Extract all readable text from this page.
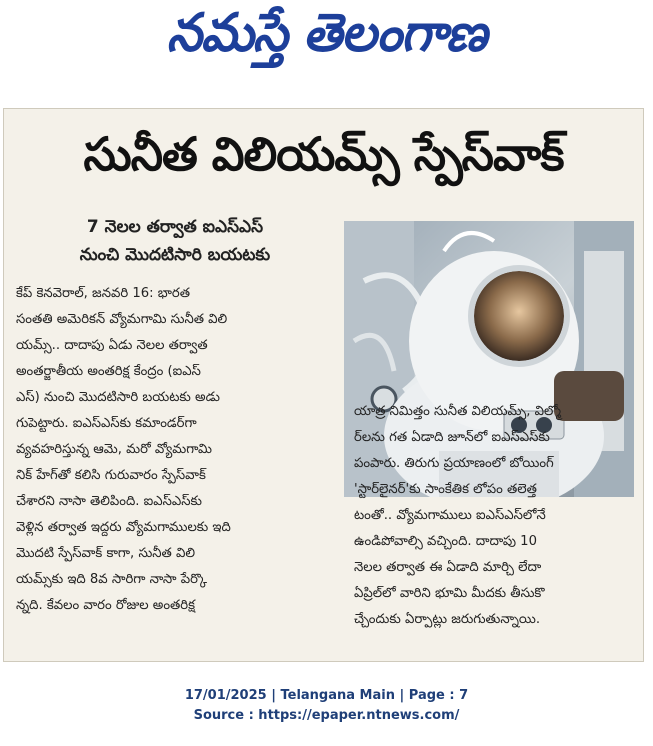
నమస్తే తెలంగాణ
సునీత విలియమ్స్ స్పేస్‌వాక్
7 నెలల తర్వాత ఐఎస్‌ఎస్
నుంచి మొదటిసారి బయటకు
కేప్ కెనవెరాల్, జనవరి 16: భారత
సంతతి అమెరికన్ వ్యోమగామి సునీత విలి
యమ్స్.. దాదాపు ఏడు నెలల తర్వాత
అంతర్జాతీయ అంతరిక్ష కేంద్రం (ఐఎస్
ఎస్) నుంచి మొదటిసారి బయటకు అడు
గుపెట్టారు. ఐఎస్‌ఎస్‌కు కమాండర్‌గా
వ్యవహరిస్తున్న ఆమె, మరో వ్యోమగామి
నిక్ హేగ్‌తో కలిసి గురువారం స్పేస్‌వాక్
చేశారని నాసా తెలిపింది. ఐఎస్‌ఎస్‌కు
వెళ్లిన తర్వాత ఇద్దరు వ్యోమగాములకు ఇది
మొదటి స్పేస్‌వాక్ కాగా, సునీత విలి
యమ్స్‌కు ఇది 8వ సారిగా నాసా పేర్కొ
న్నది. కేవలం వారం రోజుల అంతరిక్ష
యాత్ర నిమిత్తం సునీత విలియమ్స్, విల్మో
ర్‌లను గత ఏడాది జూన్‌లో ఐఎస్‌ఎస్‌కు
పంపారు. తిరుగు ప్రయాణంలో బోయింగ్
'స్టార్‌లైనర్'కు సాంకేతిక లోపం తలెత్త
టంతో.. వ్యోమగాములు ఐఎస్‌ఎస్‌లోనే
ఉండిపోవాల్సి వచ్చింది. దాదాపు 10
నెలల తర్వాత ఈ ఏడాది మార్చి లేదా
ఏప్రిల్‌లో వారిని భూమి మీదకు తీసుకొ
చ్చేందుకు ఏర్పాట్లు జరుగుతున్నాయి.
17/01/2025 | Telangana Main | Page : 7
Source : https://epaper.ntnews.com/
